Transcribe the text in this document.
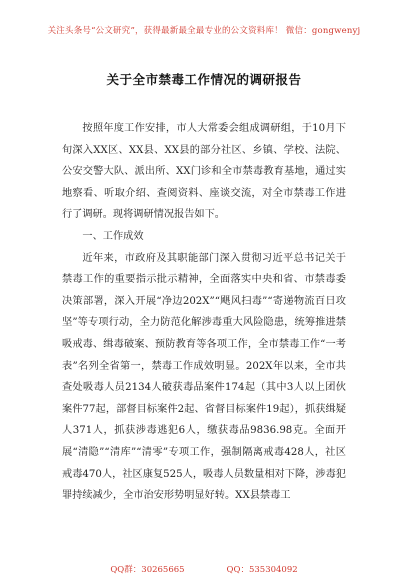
关注头条号“公文研究”，获得最新最全最专业的公文资料库！ 微信：gongwenyj
关于全市禁毒工作情况的调研报告

按照年度工作安排，市人大常委会组成调研组，于10月下旬深入XX区、XX县、XX县的部分社区、乡镇、学校、法院、公安交警大队、派出所、XX门诊和全市禁毒教育基地，通过实地察看、听取介绍、查阅资料、座谈交流，对全市禁毒工作进行了调研。现将调研情况报告如下。

一、工作成效

近年来，市政府及其职能部门深入贯彻习近平总书记关于禁毒工作的重要指示批示精神，全面落实中央和省、市禁毒委决策部署，深入开展“净边202X”“飓风扫毒”“寄递物流百日攻坚”等专项行动，全力防范化解涉毒重大风险隐患，统筹推进禁吸戒毒、缉毒破案、预防教育等各项工作，全市禁毒工作“一考表”名列全省第一，禁毒工作成效明显。202X年以来，全市共查处吸毒人员2134人破获毒品案件174起（其中3人以上团伙案件77起，部督目标案件2起、省督目标案件19起），抓获缉疑人371人，抓获涉毒逃犯6人，缴获毒品9836.98克。全面开展“清隐”“清库”“清零”专项工作，强制隔离戒毒428人，社区戒毒470人，社区康复525人，吸毒人员数量相对下降，涉毒犯罪持续减少，全市治安形势明显好转。XX县禁毒工

QQ群：30265665	QQ：535304092
